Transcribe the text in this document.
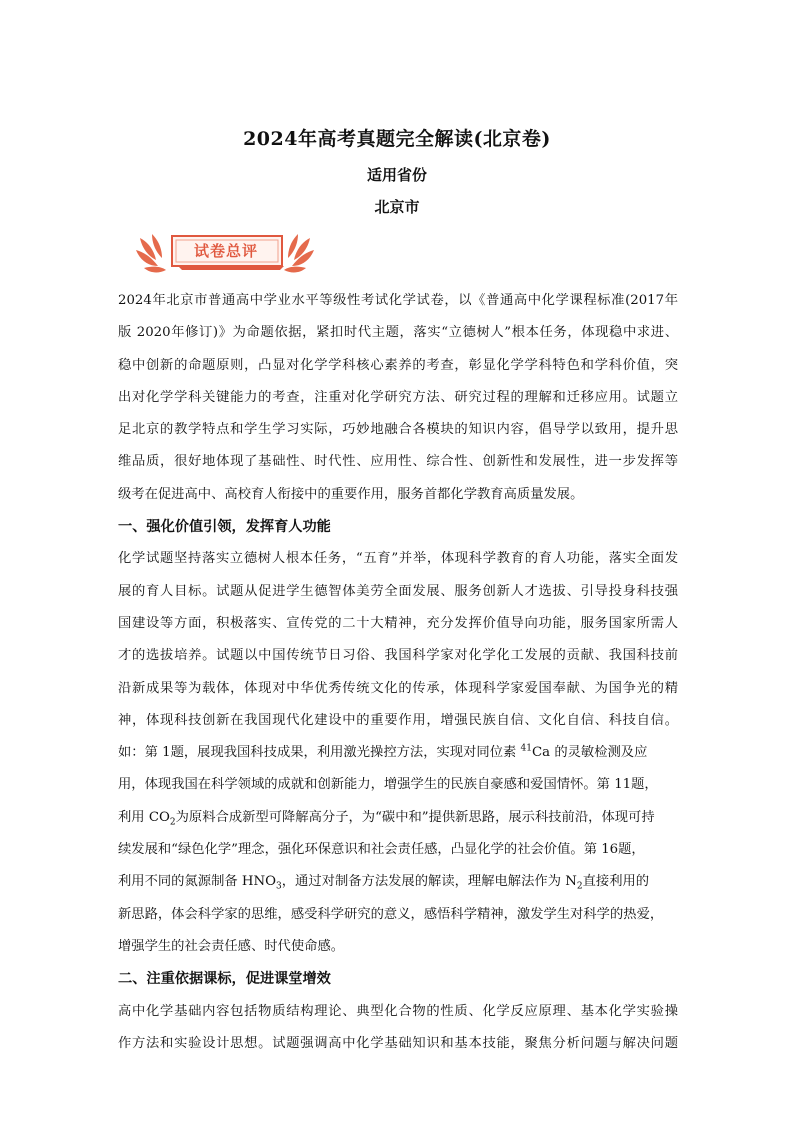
2024年高考真题完全解读(北京卷)
适用省份
北京市
试卷总评
2024年北京市普通高中学业水平等级性考试化学试卷，以《普通高中化学课程标准(2017年
版 2020年修订)》为命题依据，紧扣时代主题，落实“立德树人”根本任务，体现稳中求进、
稳中创新的命题原则，凸显对化学学科核心素养的考查，彰显化学学科特色和学科价值，突
出对化学学科关键能力的考查，注重对化学研究方法、研究过程的理解和迁移应用。试题立
足北京的教学特点和学生学习实际，巧妙地融合各模块的知识内容，倡导学以致用，提升思
维品质，很好地体现了基础性、时代性、应用性、综合性、创新性和发展性，进一步发挥等
级考在促进高中、高校育人衔接中的重要作用，服务首都化学教育高质量发展。
一、强化价值引领，发挥育人功能
化学试题坚持落实立德树人根本任务，“五育”并举，体现科学教育的育人功能，落实全面发
展的育人目标。试题从促进学生德智体美劳全面发展、服务创新人才选拔、引导投身科技强
国建设等方面，积极落实、宣传党的二十大精神，充分发挥价值导向功能，服务国家所需人
才的选拔培养。试题以中国传统节日习俗、我国科学家对化学化工发展的贡献、我国科技前
沿新成果等为载体，体现对中华优秀传统文化的传承，体现科学家爱国奉献、为国争光的精
神，体现科技创新在我国现代化建设中的重要作用，增强民族自信、文化自信、科技自信。
如：第 1题，展现我国科技成果，利用激光操控方法，实现对同位素 $^{41}$Ca 的灵敏检测及应
用，体现我国在科学领域的成就和创新能力，增强学生的民族自豪感和爱国情怀。第 11题，
利用 $CO_2$为原料合成新型可降解高分子，为“碳中和”提供新思路，展示科技前沿，体现可持
续发展和“绿色化学”理念，强化环保意识和社会责任感，凸显化学的社会价值。第 16题，
利用不同的氮源制备 $HNO_3$，通过对制备方法发展的解读，理解电解法作为 $N_2$直接利用的
新思路，体会科学家的思维，感受科学研究的意义，感悟科学精神，激发学生对科学的热爱，
增强学生的社会责任感、时代使命感。
二、注重依据课标，促进课堂增效
高中化学基础内容包括物质结构理论、典型化合物的性质、化学反应原理、基本化学实验操
作方法和实验设计思想。试题强调高中化学基础知识和基本技能，聚焦分析问题与解决问题
